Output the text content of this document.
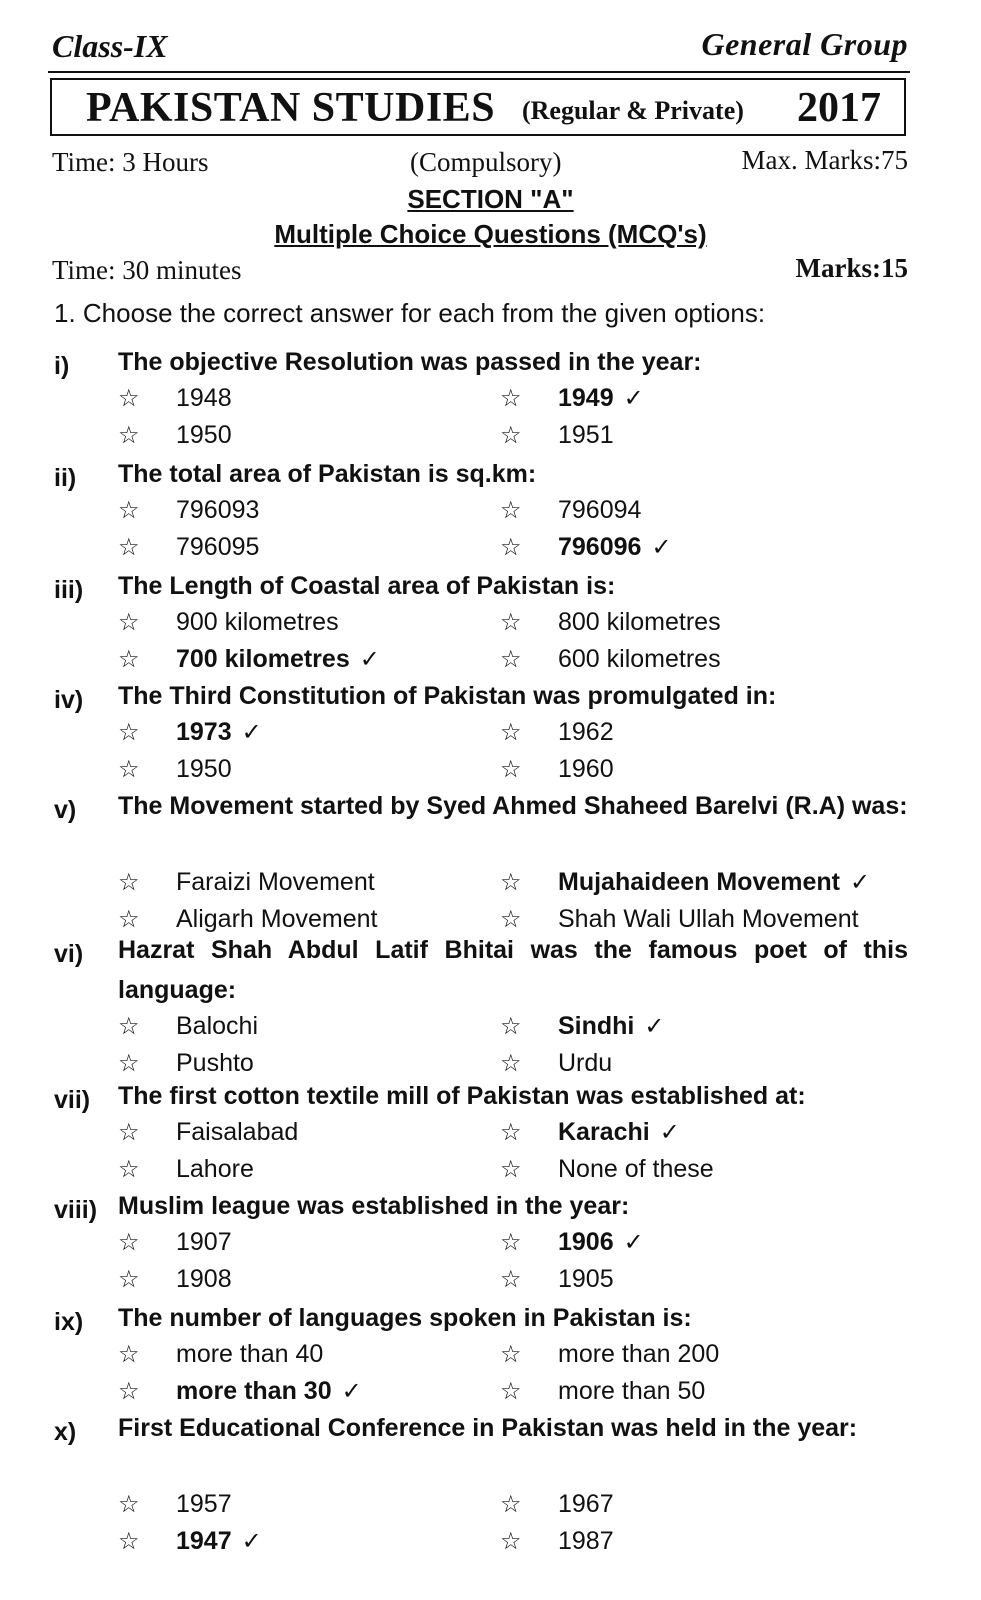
Class-IX	General Group
PAKISTAN STUDIES (Regular & Private) 2017
Time: 3 Hours	(Compulsory)	Max. Marks:75
SECTION "A"
Multiple Choice Questions (MCQ's)
Time: 30 minutes	Marks:15
1. Choose the correct answer for each from the given options:
i) The objective Resolution was passed in the year:
☆ 1948	☆ 1949 ✓
☆ 1950	☆ 1951
ii) The total area of Pakistan is sq.km:
☆ 796093	☆ 796094
☆ 796095	☆ 796096 ✓
iii) The Length of Coastal area of Pakistan is:
☆ 900 kilometres	☆ 800 kilometres
☆ 700 kilometres ✓	☆ 600 kilometres
iv) The Third Constitution of Pakistan was promulgated in:
☆ 1973 ✓	☆ 1962
☆ 1950	☆ 1960
v) The Movement started by Syed Ahmed Shaheed Barelvi (R.A) was:
☆ Faraizi Movement	☆ Mujahaideen Movement ✓
☆ Aligarh Movement	☆ Shah Wali Ullah Movement
vi) Hazrat Shah Abdul Latif Bhitai was the famous poet of this language:
☆ Balochi	☆ Sindhi ✓
☆ Pushto	☆ Urdu
vii) The first cotton textile mill of Pakistan was established at:
☆ Faisalabad	☆ Karachi ✓
☆ Lahore	☆ None of these
viii) Muslim league was established in the year:
☆ 1907	☆ 1906 ✓
☆ 1908	☆ 1905
ix) The number of languages spoken in Pakistan is:
☆ more than 40	☆ more than 200
☆ more than 30 ✓	☆ more than 50
x) First Educational Conference in Pakistan was held in the year:
☆ 1957	☆ 1967
☆ 1947 ✓	☆ 1987
